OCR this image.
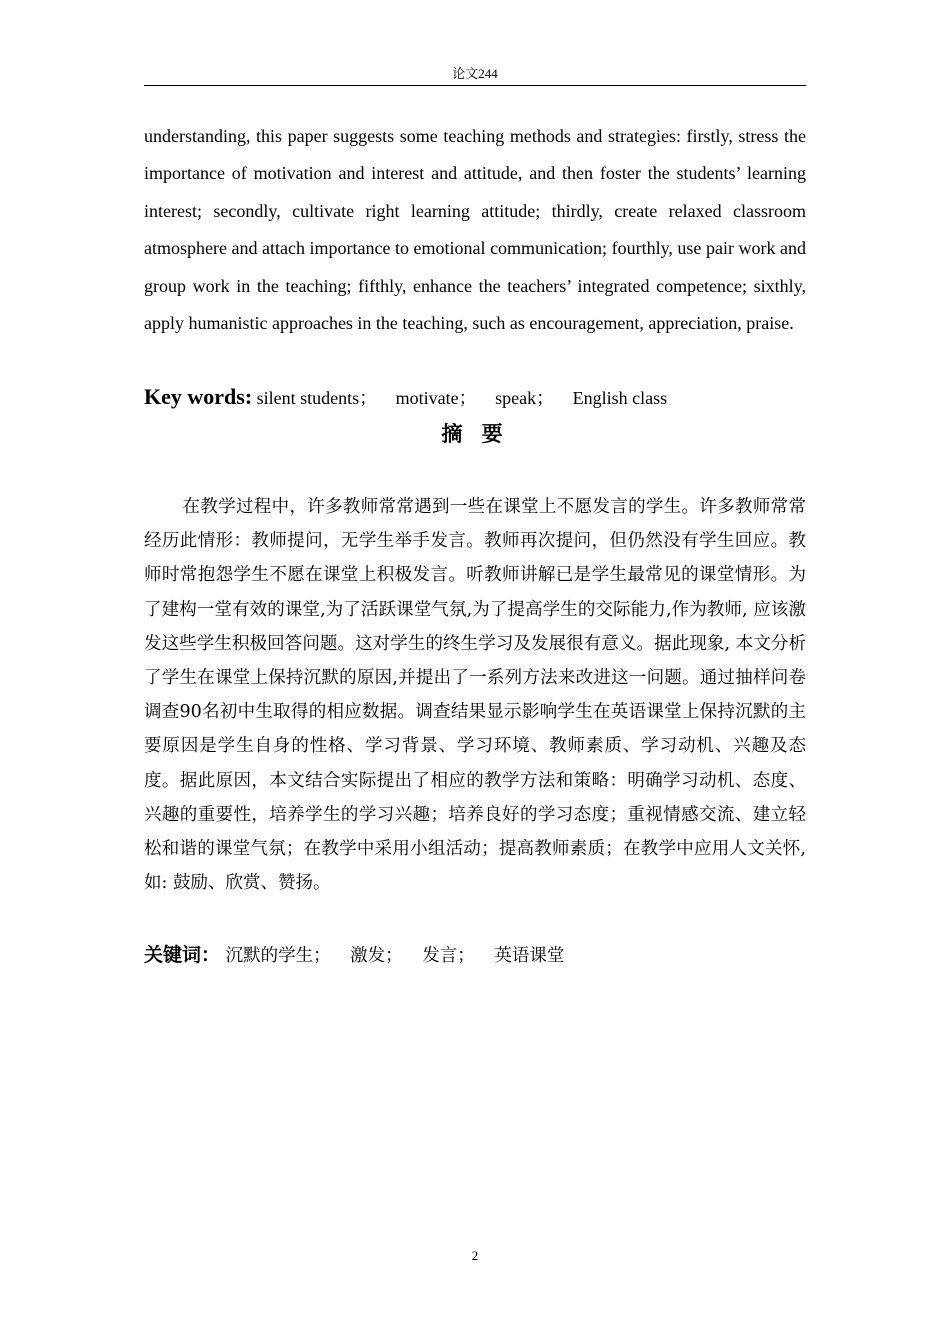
论文244

understanding, this paper suggests some teaching methods and strategies: firstly, stress the importance of motivation and interest and attitude, and then foster the students’ learning interest; secondly, cultivate right learning attitude; thirdly, create relaxed classroom atmosphere and attach importance to emotional communication; fourthly, use pair work and group work in the teaching; fifthly, enhance the teachers’ integrated competence; sixthly, apply humanistic approaches in the teaching, such as encouragement, appreciation, praise.

Key words: silent students； motivate； speak； English class
摘 要

在教学过程中，许多教师常常遇到一些在课堂上不愿发言的学生。许多教师常常经历此情形：教师提问，无学生举手发言。教师再次提问，但仍然没有学生回应。教师时常抱怨学生不愿在课堂上积极发言。听教师讲解已是学生最常见的课堂情形。为了建构一堂有效的课堂,为了活跃课堂气氛,为了提高学生的交际能力,作为教师, 应该激发这些学生积极回答问题。这对学生的终生学习及发展很有意义。据此现象, 本文分析了学生在课堂上保持沉默的原因,并提出了一系列方法来改进这一问题。通过抽样问卷调查90名初中生取得的相应数据。调查结果显示影响学生在英语课堂上保持沉默的主要原因是学生自身的性格、学习背景、学习环境、教师素质、学习动机、兴趣及态度。据此原因，本文结合实际提出了相应的教学方法和策略：明确学习动机、态度、兴趣的重要性，培养学生的学习兴趣；培养良好的学习态度；重视情感交流、建立轻松和谐的课堂气氛；在教学中采用小组活动；提高教师素质；在教学中应用人文关怀, 如: 鼓励、欣赏、赞扬。

关键词： 沉默的学生； 激发； 发言； 英语课堂
2
